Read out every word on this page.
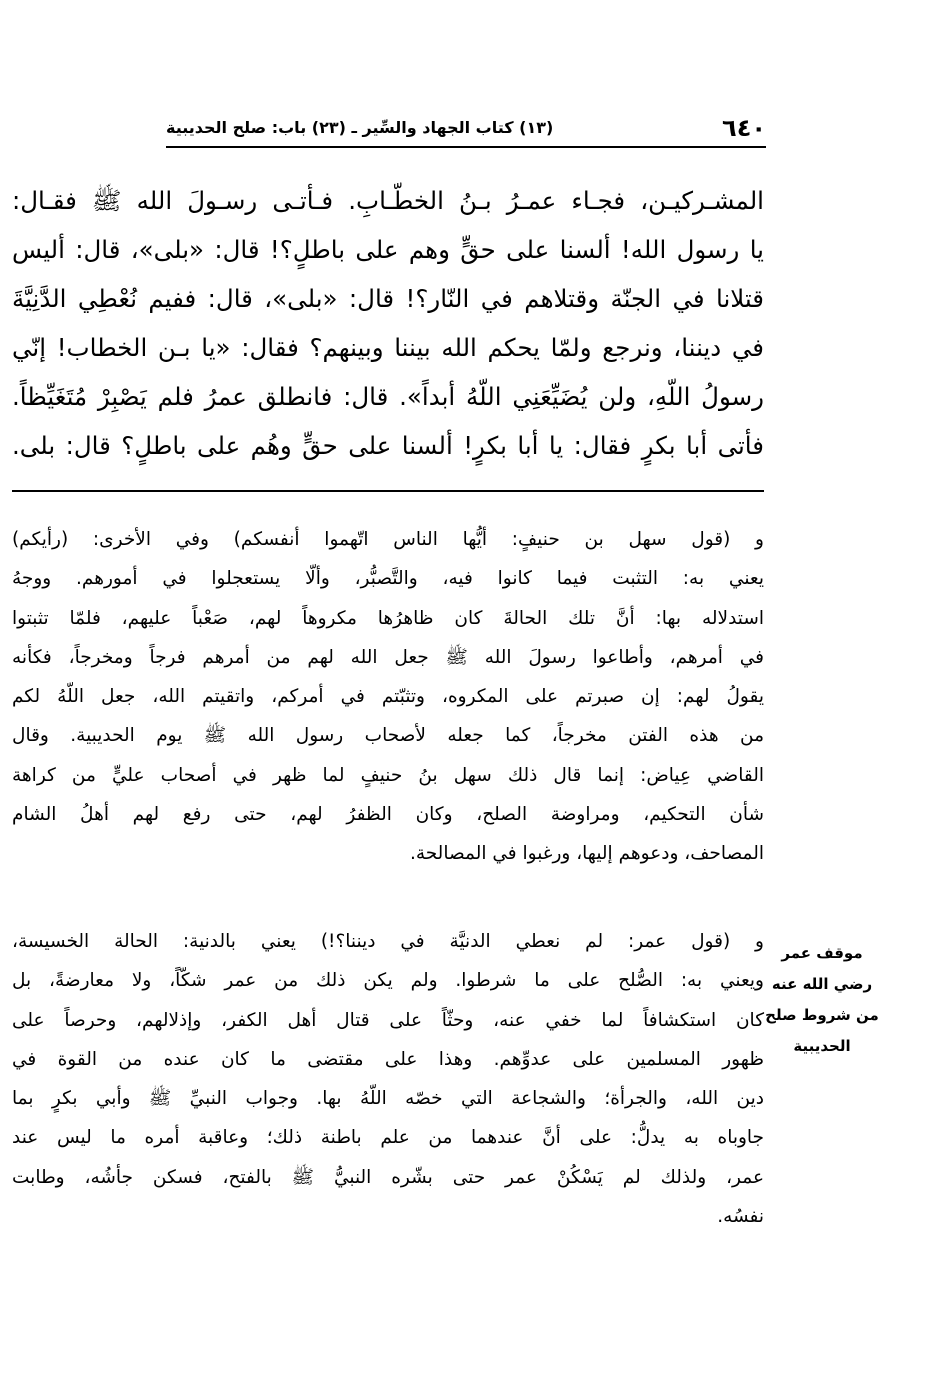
٦٤٠
(١٣) كتاب الجهاد والسِّير ـ (٢٣) باب: صلح الحديبية
المشـركيـن، فجـاء عمـرُ بـنُ الخطّـابِ. فـأتـى رسـولَ الله ﷺ فقـال:
يا رسول الله! ألسنا على حقٍّ وهم على باطلٍ؟! قال: «بلى»، قال: أليس
قتلانا في الجنّة وقتلاهم في النّار؟! قال: «بلى»، قال: ففيم نُعْطِي الدَّنِيَّةَ
في ديننا، ونرجع ولمّا يحكم الله بيننا وبينهم؟ فقال: «يا بـن الخطاب! إنّي
رسولُ اللّهِ، ولن يُضَيِّعَنِي اللّهُ أبداً». قال: فانطلق عمرُ فلم يَصْبِرْ مُتَغَيِّظاً.
فأتى أبا بكرٍ فقال: يا أبا بكرٍ! ألسنا على حقٍّ وهُم على باطلٍ؟ قال: بلى.
و (قول سهل بن حنيفٍ: أيُّها الناس اتّهموا أنفسكم) وفي الأخرى: (رأيكم)
يعني به: التثبت فيما كانوا فيه، والتَّصبُّر، وألّا يستعجلوا في أمورهم. ووجهُ
استدلاله بها: أنَّ تلك الحالةَ كان ظاهرُها مكروهاً لهم، صَعْباً عليهم، فلمّا تثبتوا
في أمرهم، وأطاعوا رسولَ الله ﷺ جعل الله لهم من أمرهم فرجاً ومخرجاً، فكأنه
يقولُ لهم: إن صبرتم على المكروه، وتثبّتم في أمركم، واتقيتم الله، جعل اللّهُ لكم
من هذه الفتن مخرجاً، كما جعله لأصحاب رسول الله ﷺ يوم الحديبية. وقال
القاضي عِياض: إنما قال ذلك سهل بنُ حنيفٍ لما ظهر في أصحاب عليٍّ من كراهة
شأن التحكيم، ومراوضة الصلح، وكان الظفرُ لهم، حتى رفع لهم أهلُ الشام
المصاحف، ودعوهم إليها، ورغبوا في المصالحة.
و (قول عمر: لم نعطي الدنيَّة في ديننا؟!) يعني بالدنية: الحالة الخسيسة،
ويعني به: الصُّلح على ما شرطوا. ولم يكن ذلك من عمر شكّاً، ولا معارضةً، بل
كان استكشافاً لما خفي عنه، وحثّاً على قتال أهل الكفر، وإذلالهم، وحرصاً على
ظهور المسلمين على عدوِّهم. وهذا على مقتضى ما كان عنده من القوة في
دين الله، والجرأة؛ والشجاعة التي خصّه اللّهُ بها. وجواب النبيِّ ﷺ وأبي بكرٍ بما
جاوباه به يدلُّ: على أنَّ عندهما من علم باطنة ذلك؛ وعاقبة أمره ما ليس عند
عمر، ولذلك لم يَسْكُنْ عمر حتى بشّره النبيُّ ﷺ بالفتح، فسكن جأشُه، وطابت
نفسُه.
موقف عمر
رضي الله عنه
من شروط صلح
الحديبية
